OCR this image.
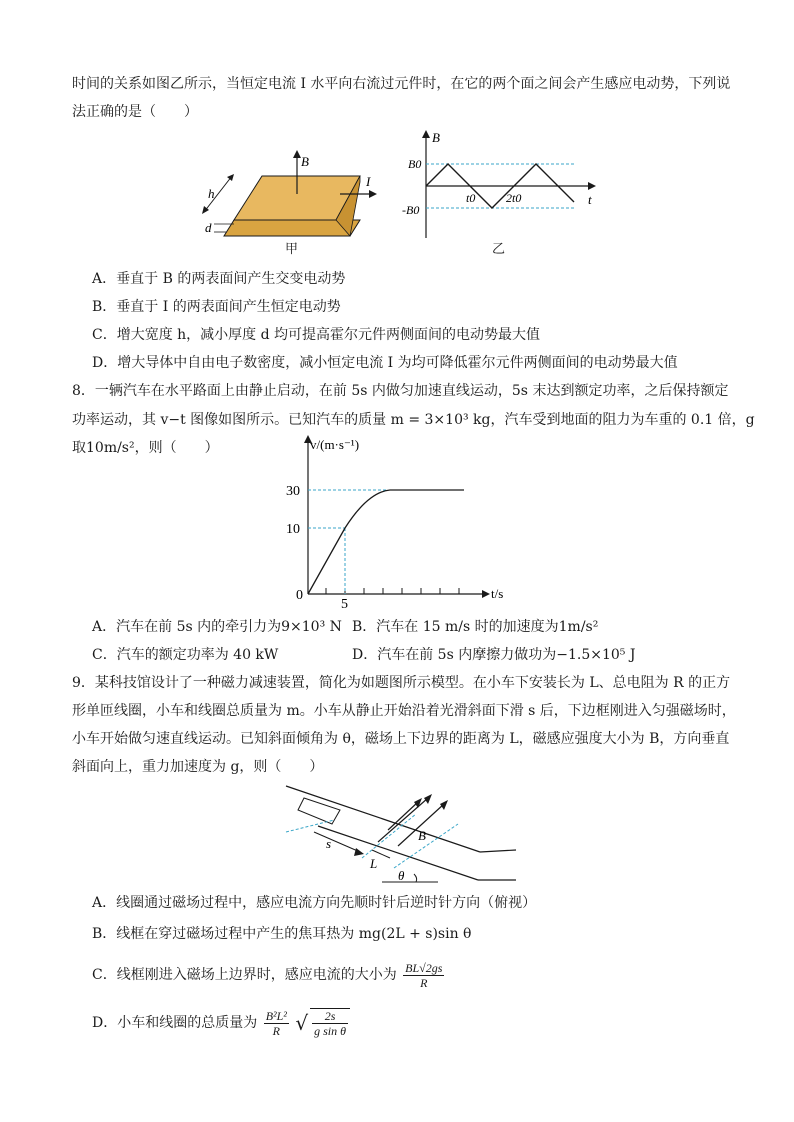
时间的关系如图乙所示，当恒定电流 I 水平向右流过元件时，在它的两个面之间会产生感应电动势，下列说
法正确的是（　　）
B
I
h
d
甲
B
t
B0
-B0
t0	2t0
乙
A．垂直于 B 的两表面间产生交变电动势
B．垂直于 I 的两表面间产生恒定电动势
C．增大宽度 h，减小厚度 d 均可提高霍尔元件两侧面间的电动势最大值
D．增大导体中自由电子数密度，减小恒定电流 I 为均可降低霍尔元件两侧面间的电动势最大值
8．一辆汽车在水平路面上由静止启动，在前 5s 内做匀加速直线运动，5s 末达到额定功率，之后保持额定
功率运动，其 v−t 图像如图所示。已知汽车的质量 m = 3×10³ kg，汽车受到地面的阻力为车重的 0.1 倍，g
取10m/s²，则（　　）	v/(m·s⁻¹)
t/s
30
10
0
5
A．汽车在前 5s 内的牵引力为9×10³ N B．汽车在 15 m/s 时的加速度为1m/s²
C．汽车的额定功率为 40 kW	D．汽车在前 5s 内摩擦力做功为−1.5×10⁵ J
9．某科技馆设计了一种磁力减速装置，简化为如题图所示模型。在小车下安装长为 L、总电阻为 R 的正方
形单匝线圈，小车和线圈总质量为 m。小车从静止开始沿着光滑斜面下滑 s 后，下边框刚进入匀强磁场时，
小车开始做匀速直线运动。已知斜面倾角为 θ，磁场上下边界的距离为 L，磁感应强度大小为 B，方向垂直
斜面向上，重力加速度为 g，则（　　）
s
L
B
θ
A．线圈通过磁场过程中，感应电流方向先顺时针后逆时针方向（俯视）
B．线框在穿过磁场过程中产生的焦耳热为 mg(2L + s)sin θ
C．线框刚进入磁场上边界时，感应电流的大小为 $\frac{BL√2gs}{R}$
D．小车和线圈的总质量为 $\frac{\text{B²L²}}{R}$ √ $\frac{2s}{\text{g sin θ}}$
